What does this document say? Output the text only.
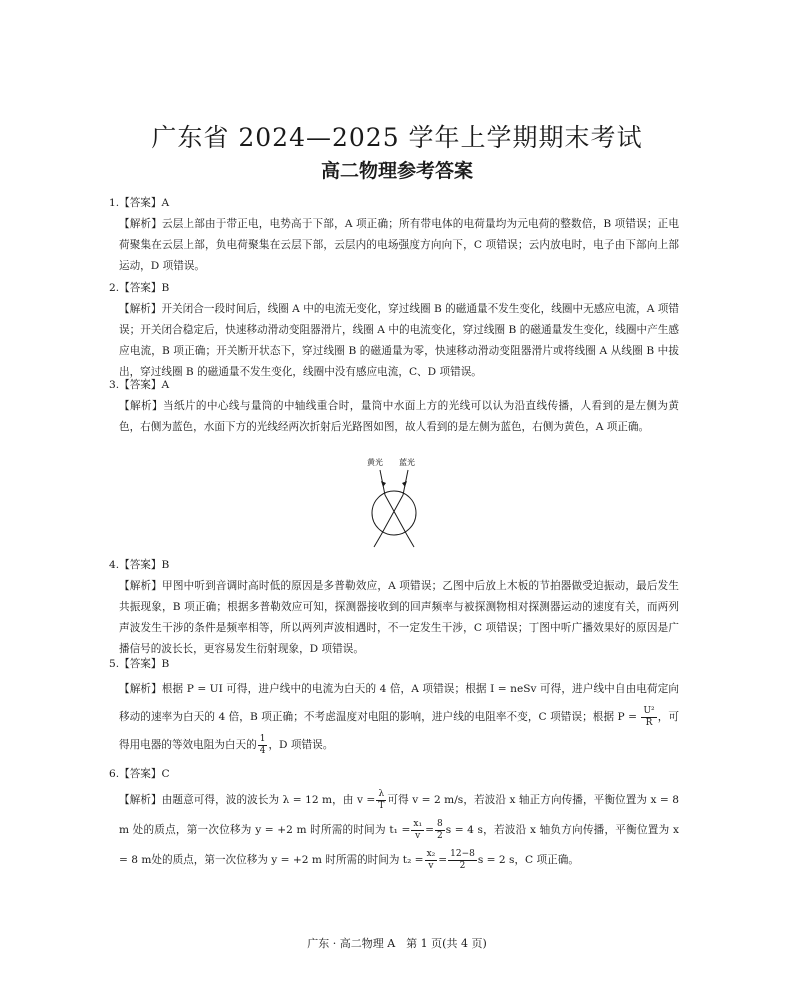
广东省 2024—2025 学年上学期期末考试
高二物理参考答案
1.【答案】A
【解析】云层上部由于带正电，电势高于下部，A 项正确；所有带电体的电荷量均为元电荷的整数倍，B 项错误；正电荷聚集在云层上部，负电荷聚集在云层下部，云层内的电场强度方向向下，C 项错误；云内放电时，电子由下部向上部运动，D 项错误。
2.【答案】B
【解析】开关闭合一段时间后，线圈 A 中的电流无变化，穿过线圈 B 的磁通量不发生变化，线圈中无感应电流，A 项错误；开关闭合稳定后，快速移动滑动变阻器滑片，线圈 A 中的电流变化，穿过线圈 B 的磁通量发生变化，线圈中产生感应电流，B 项正确；开关断开状态下，穿过线圈 B 的磁通量为零，快速移动滑动变阻器滑片或将线圈 A 从线圈 B 中拔出，穿过线圈 B 的磁通量不发生变化，线圈中没有感应电流，C、D 项错误。
3.【答案】A
【解析】当纸片的中心线与量筒的中轴线重合时，量筒中水面上方的光线可以认为沿直线传播，人看到的是左侧为黄色，右侧为蓝色，水面下方的光线经两次折射后光路图如图，故人看到的是左侧为蓝色，右侧为黄色，A 项正确。
黄光 蓝光
4.【答案】B
【解析】甲图中听到音调时高时低的原因是多普勒效应，A 项错误；乙图中后放上木板的节拍器做受迫振动，最后发生共振现象，B 项正确；根据多普勒效应可知，探测器接收到的回声频率与被探测物相对探测器运动的速度有关，而两列声波发生干涉的条件是频率相等，所以两列声波相遇时，不一定发生干涉，C 项错误；丁图中听广播效果好的原因是广播信号的波长长，更容易发生衍射现象，D 项错误。
5.【答案】B
【解析】根据 P = UI 可得，进户线中的电流为白天的 4 倍，A 项错误；根据 I = neSv 可得，进户线中自由电荷定向移动的速率为白天的 4 倍，B 项正确；不考虑温度对电阻的影响，进户线的电阻率不变，C 项错误；根据 $P = \frac{\text{U²}}{R}$ ，可得用电器的等效电阻为白天的 $\frac{1}{4}$ ，D 项错误。
6.【答案】C
【解析】由题意可得，波的波长为 λ = 12 m，由 $v = \frac{\lambda}{T}$ 可得 v = 2 m/s，若波沿 x 轴正方向传播，平衡位置为 x = 8 m 处的质点，第一次位移为 y = +2 m 时所需的时间为 $t_1 = \frac{\text{x₁}}{v} = \frac{8}{2}$ s = 4 s，若波沿 x 轴负方向传播，平衡位置为 x = 8 m处的质点，第一次位移为 y = +2 m 时所需的时间为 $t_2 = \frac{\text{x₂}}{v} = \frac{12-8}{2}$ s = 2 s，C 项正确。
广东 · 高二物理 A　第 1 页(共 4 页)
